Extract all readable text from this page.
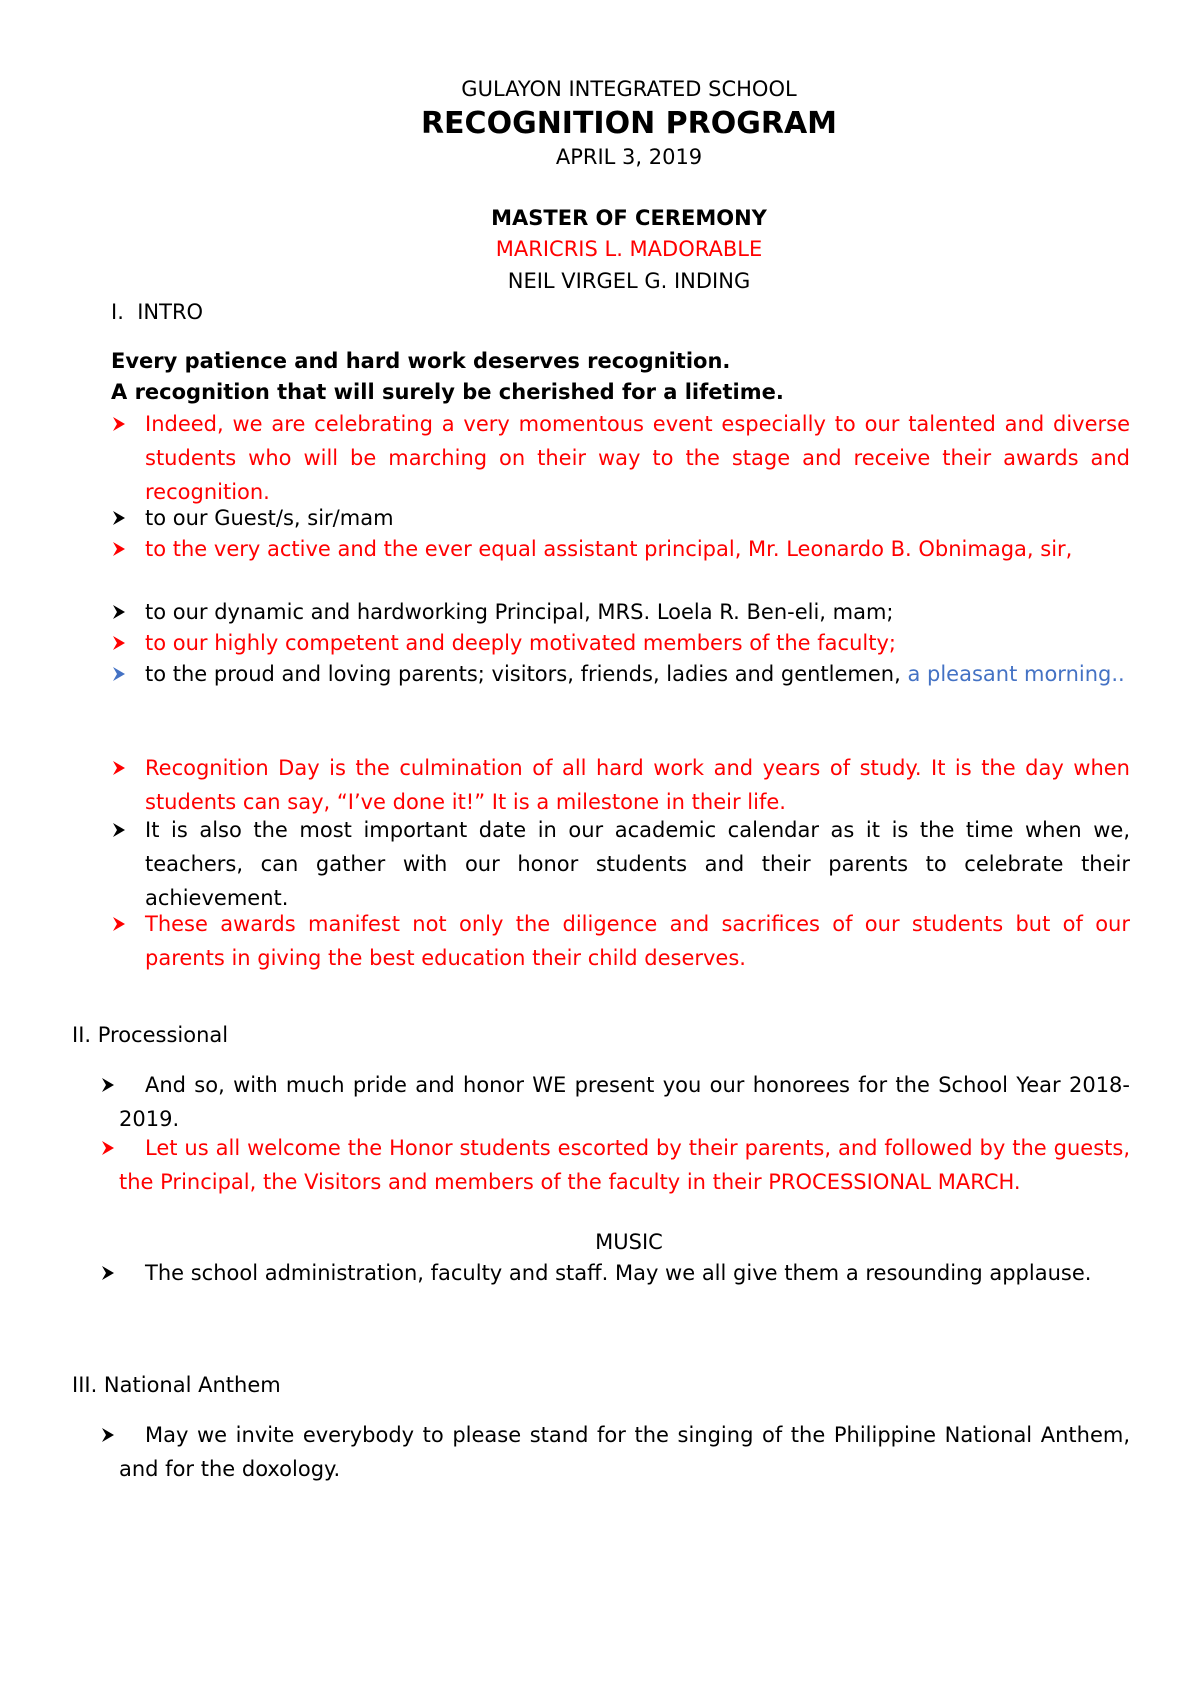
GULAYON INTEGRATED SCHOOL
RECOGNITION PROGRAM
APRIL 3, 2019
MASTER OF CEREMONY
MARICRIS L. MADORABLE
NEIL VIRGEL G. INDING
I.  INTRO
Every patience and hard work deserves recognition.
A recognition that will surely be cherished for a lifetime.
Indeed, we are celebrating a very momentous event especially to our talented and diverse students who will be marching on their way to the stage and receive their awards and recognition.
to our Guest/s, sir/mam
to the very active and the ever equal assistant principal, Mr. Leonardo B. Obnimaga, sir,
to our dynamic and hardworking Principal, MRS. Loela R. Ben-eli, mam;
to our highly competent and deeply motivated members of the faculty;
to the proud and loving parents; visitors, friends, ladies and gentlemen, a pleasant morning..
Recognition Day is the culmination of all hard work and years of study. It is the day when students can say, “I’ve done it!” It is a milestone in their life.
It is also the most important date in our academic calendar as it is the time when we, teachers, can gather with our honor students and their parents to celebrate their achievement.
These awards manifest not only the diligence and sacrifices of our students but of our parents in giving the best education their child deserves.
II. Processional
And so, with much pride and honor WE present you our honorees for the School Year 2018-2019.
Let us all welcome the Honor students escorted by their parents, and followed by the guests, the Principal, the Visitors and members of the faculty in their PROCESSIONAL MARCH.
MUSIC
The school administration, faculty and staff. May we all give them a resounding applause.
III. National Anthem
May we invite everybody to please stand for the singing of the Philippine National Anthem, and for the doxology.
